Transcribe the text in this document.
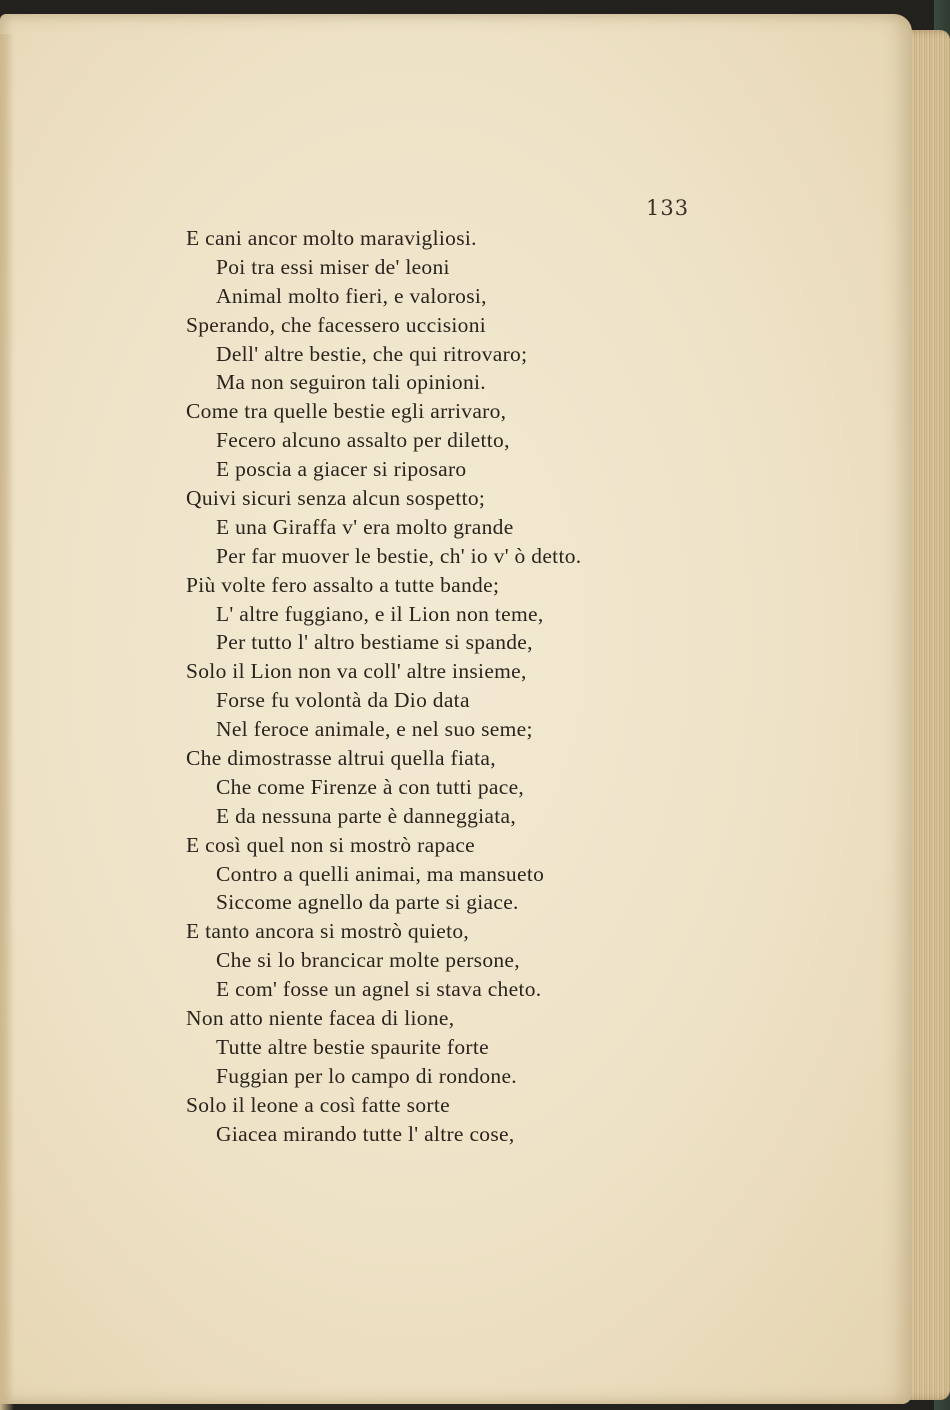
133
E cani ancor molto maravigliosi.
Poi tra essi miser de' leoni
Animal molto fieri, e valorosi,
Sperando, che facessero uccisioni
Dell' altre bestie, che qui ritrovaro;
Ma non seguiron tali opinioni.
Come tra quelle bestie egli arrivaro,
Fecero alcuno assalto per diletto,
E poscia a giacer si riposaro
Quivi sicuri senza alcun sospetto;
E una Giraffa v' era molto grande
Per far muover le bestie, ch' io v' ò detto.
Più volte fero assalto a tutte bande;
L' altre fuggiano, e il Lion non teme,
Per tutto l' altro bestiame si spande,
Solo il Lion non va coll' altre insieme,
Forse fu volontà da Dio data
Nel feroce animale, e nel suo seme;
Che dimostrasse altrui quella fiata,
Che come Firenze à con tutti pace,
E da nessuna parte è danneggiata,
E così quel non si mostrò rapace
Contro a quelli animai, ma mansueto
Siccome agnello da parte si giace.
E tanto ancora si mostrò quieto,
Che si lo brancicar molte persone,
E com' fosse un agnel si stava cheto.
Non atto niente facea di lione,
Tutte altre bestie spaurite forte
Fuggian per lo campo di rondone.
Solo il leone a così fatte sorte
Giacea mirando tutte l' altre cose,
